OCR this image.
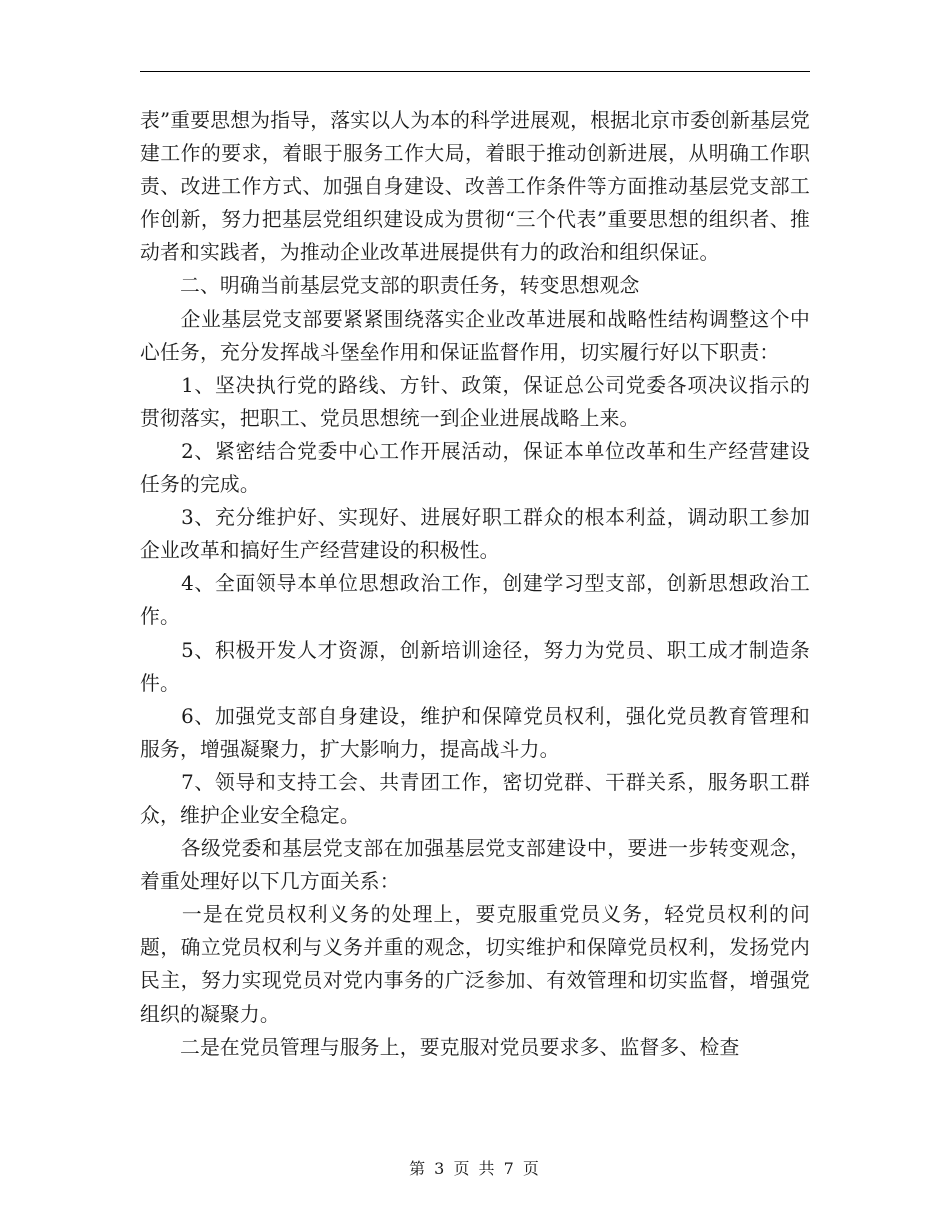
表”重要思想为指导，落实以人为本的科学进展观，根据北京市委创新基层党建工作的要求，着眼于服务工作大局，着眼于推动创新进展，从明确工作职责、改进工作方式、加强自身建设、改善工作条件等方面推动基层党支部工作创新，努力把基层党组织建设成为贯彻“三个代表”重要思想的组织者、推动者和实践者，为推动企业改革进展提供有力的政治和组织保证。

　　二、明确当前基层党支部的职责任务，转变思想观念

　　企业基层党支部要紧紧围绕落实企业改革进展和战略性结构调整这个中心任务，充分发挥战斗堡垒作用和保证监督作用，切实履行好以下职责：

　　1、坚决执行党的路线、方针、政策，保证总公司党委各项决议指示的贯彻落实，把职工、党员思想统一到企业进展战略上来。

　　2、紧密结合党委中心工作开展活动，保证本单位改革和生产经营建设任务的完成。

　　3、充分维护好、实现好、进展好职工群众的根本利益，调动职工参加企业改革和搞好生产经营建设的积极性。

　　4、全面领导本单位思想政治工作，创建学习型支部，创新思想政治工作。

　　5、积极开发人才资源，创新培训途径，努力为党员、职工成才制造条件。

　　6、加强党支部自身建设，维护和保障党员权利，强化党员教育管理和服务，增强凝聚力，扩大影响力，提高战斗力。

　　7、领导和支持工会、共青团工作，密切党群、干群关系，服务职工群众，维护企业安全稳定。

　　各级党委和基层党支部在加强基层党支部建设中，要进一步转变观念，着重处理好以下几方面关系：

　　一是在党员权利义务的处理上，要克服重党员义务，轻党员权利的问题，确立党员权利与义务并重的观念，切实维护和保障党员权利，发扬党内民主，努力实现党员对党内事务的广泛参加、有效管理和切实监督，增强党组织的凝聚力。

　　二是在党员管理与服务上，要克服对党员要求多、监督多、检查

第 3 页 共 7 页
